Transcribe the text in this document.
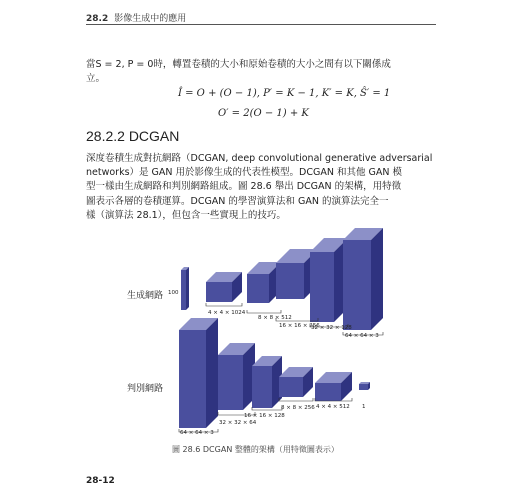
28.2 影像生成中的應用
當S = 2, P = 0時，轉置卷積的大小和原始卷積的大小之間有以下關係成
立。
Î = O + (O − 1), P′ = K − 1, K′ = K, Ŝ′ = 1
O′ = 2(O − 1) + K
28.2.2 DCGAN
深度卷積生成對抗網路（DCGAN, deep convolutional generative adversarial
networks）是 GAN 用於影像生成的代表性模型。DCGAN 和其他 GAN 模
型一樣由生成網路和判別網路組成。圖 28.6 舉出 DCGAN 的架構，用特徵
圖表示各層的卷積運算。DCGAN 的學習演算法和 GAN 的演算法完全一
樣（演算法 28.1），但包含一些實現上的技巧。
生成網路
判別網路
100
4 × 4 × 1024
8 × 8 × 512
16 × 16 × 256
32 × 32 × 128
64 × 64 × 3
64 × 64 × 3
32 × 32 × 64
16 × 16 × 128
8 × 8 × 256 4 × 4 × 512 1
圖 28.6 DCGAN 整體的架構（用特徵圖表示）
28-12
